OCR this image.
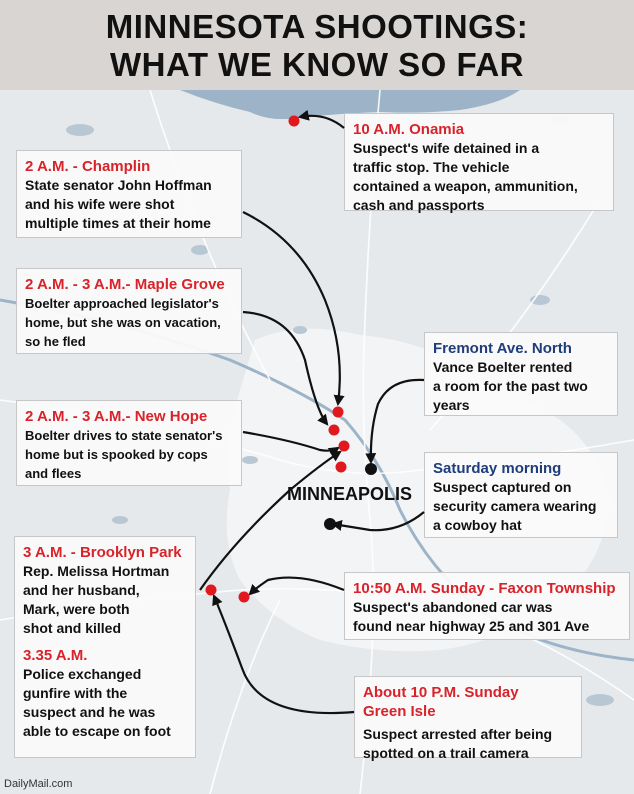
MINNESOTA SHOOTINGS:
WHAT WE KNOW SO FAR
10 A.M. Onamia
Suspect's wife detained in a
traffic stop. The vehicle
contained a weapon, ammunition,
cash and passports
2 A.M. - Champlin
State senator John Hoffman
and his wife were shot
multiple times at their home
2 A.M. - 3 A.M.- Maple Grove
Boelter approached legislator's
home, but she was on vacation,
so he fled	Fremont Ave. North
Vance Boelter rented
a room for the past two
years
2 A.M. - 3 A.M.- New Hope
Boelter drives to state senator's
home but is spooked by cops
and flees	Saturday morning
Suspect captured on
security camera wearing
a cowboy hat
3 A.M. - Brooklyn Park
Rep. Melissa Hortman
and her husband,
Mark, were both
shot and killed
3.35 A.M.
Police exchanged
gunfire with the
suspect and he was
able to escape on foot
10:50 A.M. Sunday - Faxon Township
Suspect's abandoned car was
found near highway 25 and 301 Ave
About 10 P.M. Sunday
Green Isle
Suspect arrested after being
spotted on a trail camera
MINNEAPOLIS
DailyMail.com
